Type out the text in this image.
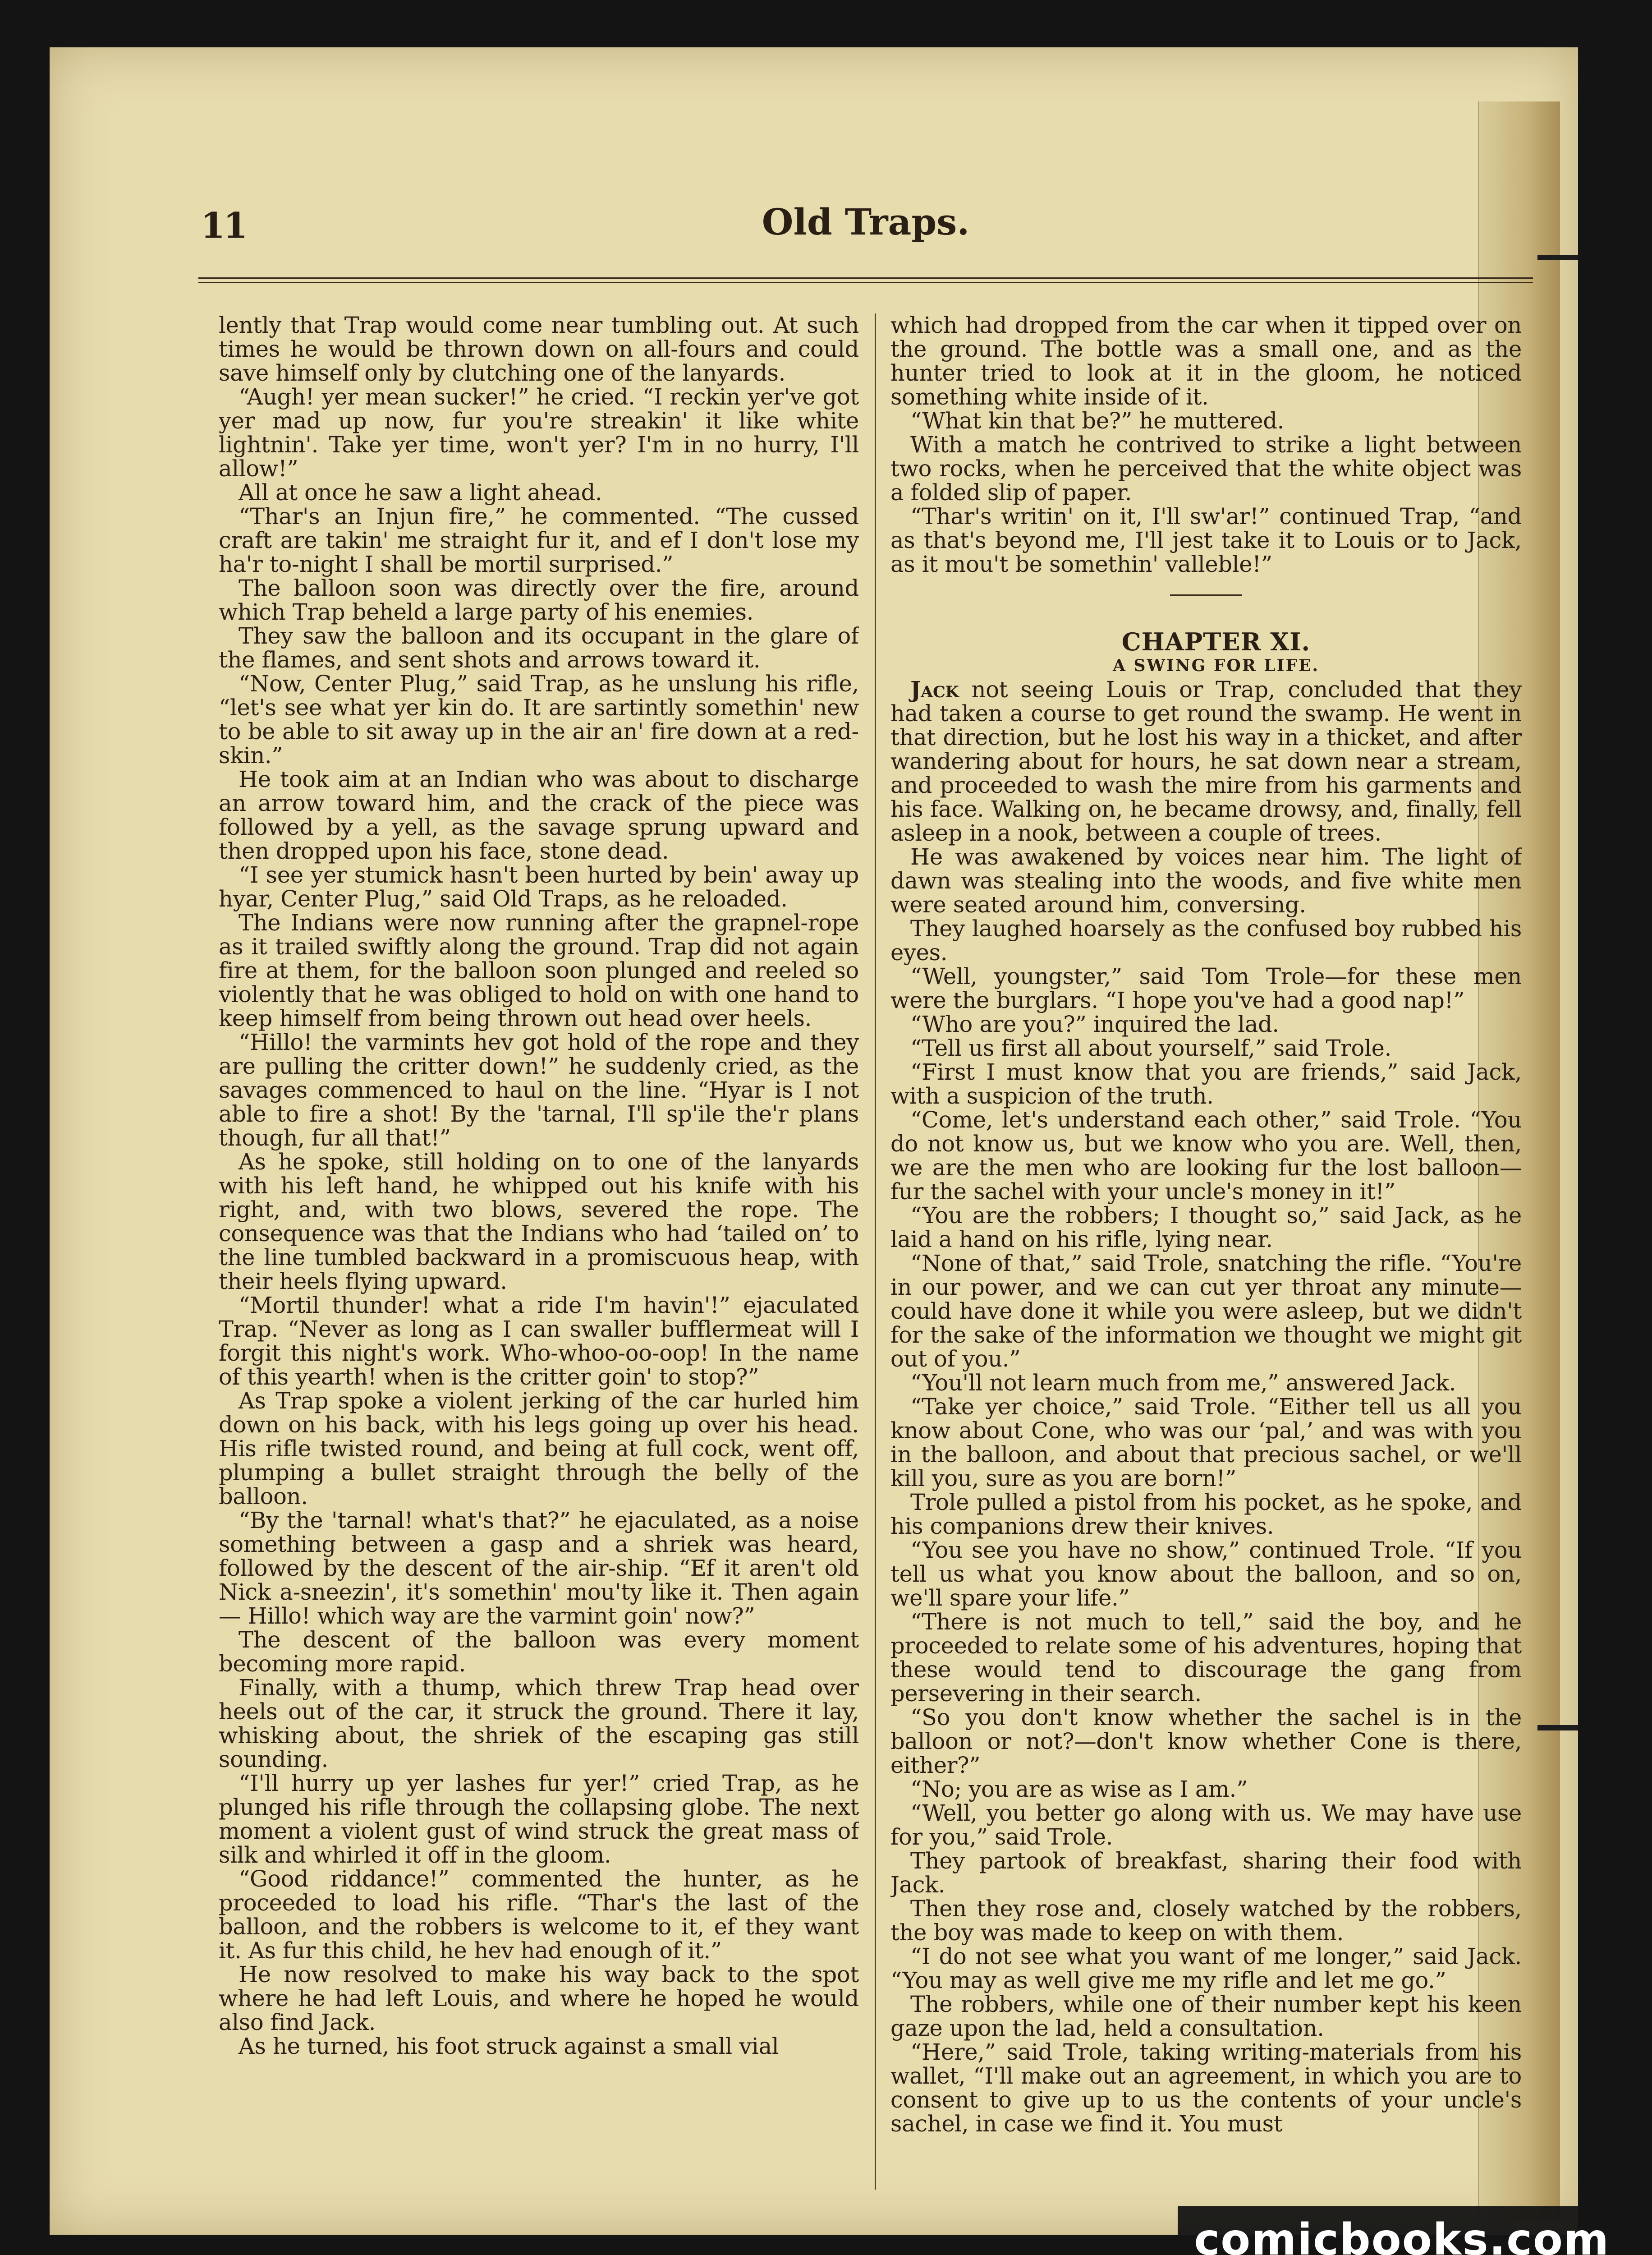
11	Old Traps.

lently that Trap would come near tumbling out. At such times he would be thrown down on all-fours and could save himself only by clutching one of the lanyards.

“Augh! yer mean sucker!” he cried. “I reckin yer've got yer mad up now, fur you're streakin' it like white lightnin'. Take yer time, won't yer? I'm in no hurry, I'll allow!”

All at once he saw a light ahead.

“Thar's an Injun fire,” he commented. “The cussed craft are takin' me straight fur it, and ef I don't lose my ha'r to-night I shall be mortil surprised.”

The balloon soon was directly over the fire, around which Trap beheld a large party of his enemies.

They saw the balloon and its occupant in the glare of the flames, and sent shots and arrows toward it.

“Now, Center Plug,” said Trap, as he unslung his rifle, “let's see what yer kin do. It are sartintly somethin' new to be able to sit away up in the air an' fire down at a red-skin.”

He took aim at an Indian who was about to discharge an arrow toward him, and the crack of the piece was followed by a yell, as the savage sprung upward and then dropped upon his face, stone dead.

“I see yer stumick hasn't been hurted by bein' away up hyar, Center Plug,” said Old Traps, as he reloaded.

The Indians were now running after the grapnel-rope as it trailed swiftly along the ground. Trap did not again fire at them, for the balloon soon plunged and reeled so violently that he was obliged to hold on with one hand to keep himself from being thrown out head over heels.

“Hillo! the varmints hev got hold of the rope and they are pulling the critter down!” he suddenly cried, as the savages commenced to haul on the line. “Hyar is I not able to fire a shot! By the 'tarnal, I'll sp'ile the'r plans though, fur all that!”

As he spoke, still holding on to one of the lanyards with his left hand, he whipped out his knife with his right, and, with two blows, severed the rope. The consequence was that the Indians who had ‘tailed on’ to the line tumbled backward in a promiscuous heap, with their heels flying upward.

“Mortil thunder! what a ride I'm havin'!” ejaculated Trap. “Never as long as I can swaller bufflermeat will I forgit this night's work. Who-whoo-oo-oop! In the name of this yearth! when is the critter goin' to stop?”

As Trap spoke a violent jerking of the car hurled him down on his back, with his legs going up over his head. His rifle twisted round, and being at full cock, went off, plumping a bullet straight through the belly of the balloon.

“By the 'tarnal! what's that?” he ejaculated, as a noise something between a gasp and a shriek was heard, followed by the descent of the air-ship. “Ef it aren't old Nick a-sneezin', it's somethin' mou'ty like it. Then again— Hillo! which way are the varmint goin' now?”

The descent of the balloon was every moment becoming more rapid.

Finally, with a thump, which threw Trap head over heels out of the car, it struck the ground. There it lay, whisking about, the shriek of the escaping gas still sounding.

“I'll hurry up yer lashes fur yer!” cried Trap, as he plunged his rifle through the collapsing globe. The next moment a violent gust of wind struck the great mass of silk and whirled it off in the gloom.

“Good riddance!” commented the hunter, as he proceeded to load his rifle. “Thar's the last of the balloon, and the robbers is welcome to it, ef they want it. As fur this child, he hev had enough of it.”

He now resolved to make his way back to the spot where he had left Louis, and where he hoped he would also find Jack.

As he turned, his foot struck against a small vial

which had dropped from the car when it tipped over on the ground. The bottle was a small one, and as the hunter tried to look at it in the gloom, he noticed something white inside of it.

“What kin that be?” he muttered.

With a match he contrived to strike a light between two rocks, when he perceived that the white object was a folded slip of paper.

“Thar's writin' on it, I'll sw'ar!” continued Trap, “and as that's beyond me, I'll jest take it to Louis or to Jack, as it mou't be somethin' valleble!”

CHAPTER XI.

A SWING FOR LIFE.

Jack not seeing Louis or Trap, concluded that they had taken a course to get round the swamp. He went in that direction, but he lost his way in a thicket, and after wandering about for hours, he sat down near a stream, and proceeded to wash the mire from his garments and his face. Walking on, he became drowsy, and, finally, fell asleep in a nook, between a couple of trees.

He was awakened by voices near him. The light of dawn was stealing into the woods, and five white men were seated around him, conversing.

They laughed hoarsely as the confused boy rubbed his eyes.

“Well, youngster,” said Tom Trole—for these men were the burglars. “I hope you've had a good nap!”

“Who are you?” inquired the lad.

“Tell us first all about yourself,” said Trole.

“First I must know that you are friends,” said Jack, with a suspicion of the truth.

“Come, let's understand each other,” said Trole. “You do not know us, but we know who you are. Well, then, we are the men who are looking fur the lost balloon—fur the sachel with your uncle's money in it!”

“You are the robbers; I thought so,” said Jack, as he laid a hand on his rifle, lying near.

“None of that,” said Trole, snatching the rifle. “You're in our power, and we can cut yer throat any minute—could have done it while you were asleep, but we didn't for the sake of the information we thought we might git out of you.”

“You'll not learn much from me,” answered Jack.

“Take yer choice,” said Trole. “Either tell us all you know about Cone, who was our ‘pal,’ and was with you in the balloon, and about that precious sachel, or we'll kill you, sure as you are born!”

Trole pulled a pistol from his pocket, as he spoke, and his companions drew their knives.

“You see you have no show,” continued Trole. “If you tell us what you know about the balloon, and so on, we'll spare your life.”

“There is not much to tell,” said the boy, and he proceeded to relate some of his adventures, hoping that these would tend to discourage the gang from persevering in their search.

“So you don't know whether the sachel is in the balloon or not?—don't know whether Cone is there, either?”

“No; you are as wise as I am.”

“Well, you better go along with us. We may have use for you,” said Trole.

They partook of breakfast, sharing their food with Jack.

Then they rose and, closely watched by the robbers, the boy was made to keep on with them.

“I do not see what you want of me longer,” said Jack. “You may as well give me my rifle and let me go.”

The robbers, while one of their number kept his keen gaze upon the lad, held a consultation.

“Here,” said Trole, taking writing-materials from his wallet, “I'll make out an agreement, in which you are to consent to give up to us the contents of your uncle's sachel, in case we find it. You must

comicbooks.com
